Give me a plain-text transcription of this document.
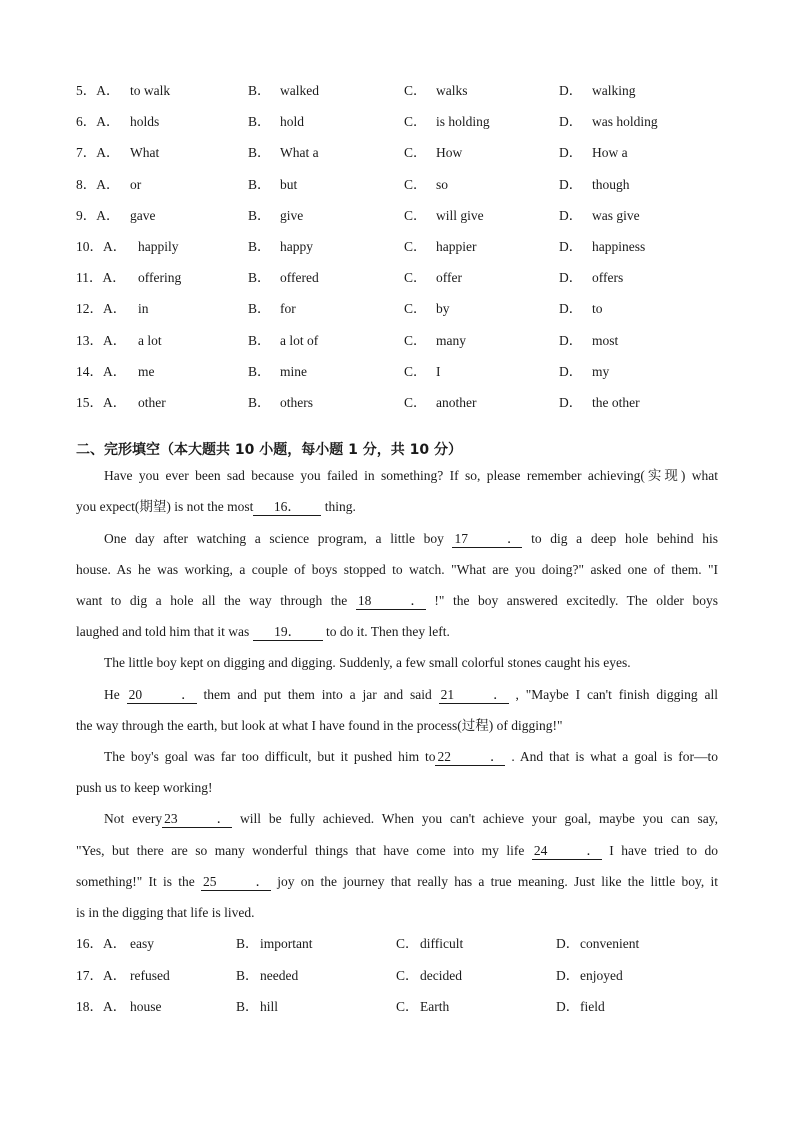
5．A． to walk	B． walked	C． walks	D． walking
6．A． holds	B． hold	C． is holding	D． was holding
7．A． What	B． What a	C． How	D． How a
8．A． or	B． but	C． so	D． though
9．A． gave	B． give	C． will give	D． was give
10．A． happily	B． happy	C． happier	D． happiness
11．A． offering	B． offered	C． offer	D． offers
12．A． in	B． for	C． by	D． to
13．A． a lot	B． a lot of	C． many	D． most
14．A． me	B． mine	C． I	D． my
15．A． other	B． others	C． another	D． the other
二、完形填空（本大题共 10 小题，每小题 1 分，共 10 分）
Have you ever been sad because you failed in something? If so, please remember achieving(实现) what
you expect(期望) is not the most 16． thing.
One day after watching a science program, a little boy 17． to dig a deep hole behind his
house. As he was working, a couple of boys stopped to watch. "What are you doing?" asked one of them. "I
want to dig a hole all the way through the 18． !" the boy answered excitedly. The older boys
laughed and told him that it was 19． to do it. Then they left.
The little boy kept on digging and digging. Suddenly, a few small colorful stones caught his eyes.
He 20． them and put them into a jar and said 21． , "Maybe I can't finish digging all
the way through the earth, but look at what I have found in the process(过程) of digging!"
The boy's goal was far too difficult, but it pushed him to 22． . And that is what a goal is for—to
push us to keep working!
Not every 23． will be fully achieved. When you can't achieve your goal, maybe you can say,
"Yes, but there are so many wonderful things that have come into my life 24． I have tried to do
something!" It is the 25． joy on the journey that really has a true meaning. Just like the little boy, it
is in the digging that life is lived.
16．A． easy	B． important	C． difficult	D． convenient
17．A． refused	B． needed	C． decided	D． enjoyed
18．A． house	B． hill	C． Earth	D． field
